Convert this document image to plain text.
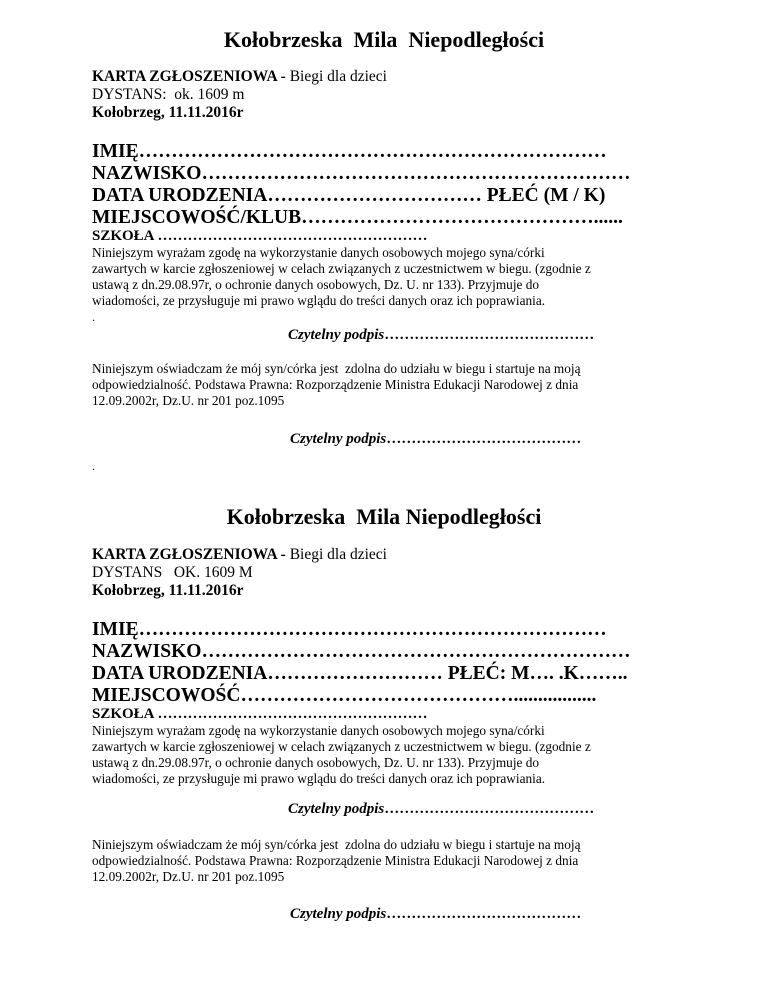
Kołobrzeska  Mila  Niepodległości
KARTA ZGŁOSZENIOWA - Biegi dla dzieci
DYSTANS:  ok. 1609 m
Kołobrzeg, 11.11.2016r
IMIĘ………………………………………………………………
NAZWISKO…………………………………………………………
DATA URODZENIA…………………………… PŁEĆ (M / K)
MIEJSCOWOŚĆ/KLUB………………………………………......
SZKOŁA ………………………………………………
Niniejszym wyrażam zgodę na wykorzystanie danych osobowych mojego syna/córki
zawartych w karcie zgłoszeniowej w celach związanych z uczestnictwem w biegu. (zgodnie z
ustawą z dn.29.08.97r, o ochronie danych osobowych, Dz. U. nr 133). Przyjmuje do
wiadomości, ze przysługuje mi prawo wglądu do treści danych oraz ich poprawiania.
.
Czytelny podpis……………………………………
Niniejszym oświadczam że mój syn/córka jest  zdolna do udziału w biegu i startuje na moją
odpowiedzialność. Podstawa Prawna: Rozporządzenie Ministra Edukacji Narodowej z dnia
12.09.2002r, Dz.U. nr 201 poz.1095
Czytelny podpis…………………………………
.
Kołobrzeska  Mila Niepodległości
KARTA ZGŁOSZENIOWA - Biegi dla dzieci
DYSTANS   OK. 1609 M
Kołobrzeg, 11.11.2016r
IMIĘ………………………………………………………………
NAZWISKO…………………………………………………………
DATA URODZENIA……………………… PŁEĆ: M…. .K……..
MIEJSCOWOŚĆ…………………………………….................
SZKOŁA ………………………………………………
Niniejszym wyrażam zgodę na wykorzystanie danych osobowych mojego syna/córki
zawartych w karcie zgłoszeniowej w celach związanych z uczestnictwem w biegu. (zgodnie z
ustawą z dn.29.08.97r, o ochronie danych osobowych, Dz. U. nr 133). Przyjmuje do
wiadomości, ze przysługuje mi prawo wglądu do treści danych oraz ich poprawiania.
Czytelny podpis……………………………………
Niniejszym oświadczam że mój syn/córka jest  zdolna do udziału w biegu i startuje na moją
odpowiedzialność. Podstawa Prawna: Rozporządzenie Ministra Edukacji Narodowej z dnia
12.09.2002r, Dz.U. nr 201 poz.1095
Czytelny podpis…………………………………
